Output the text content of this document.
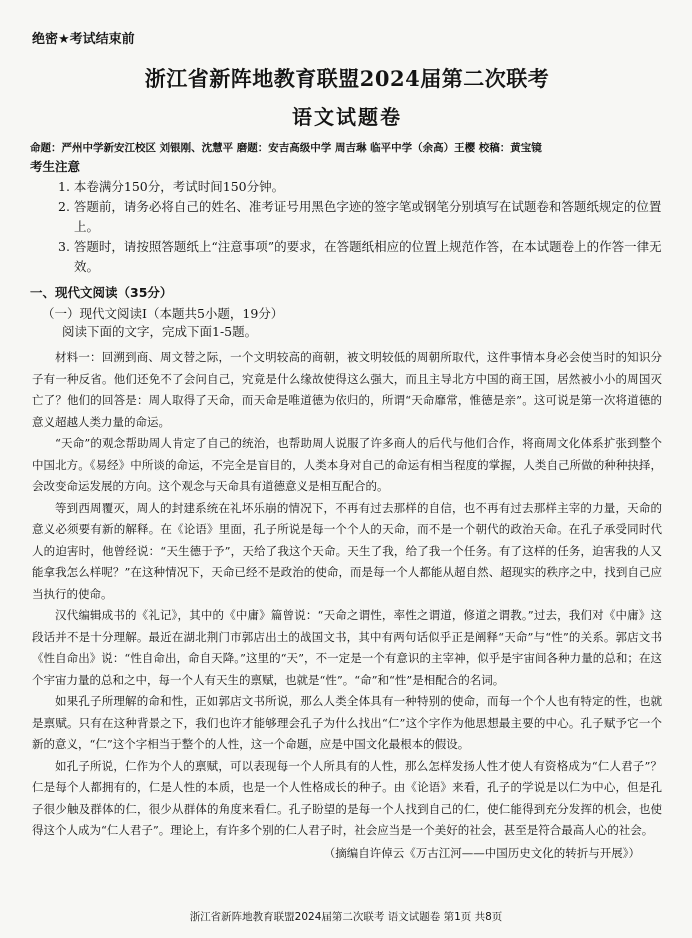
绝密★考试结束前
浙江省新阵地教育联盟2024届第二次联考
语文试题卷
命题：严州中学新安江校区 刘银刚、沈慧平 磨题：安吉高级中学 周吉琳 临平中学（余高）王樱 校稿：黄宝镜
考生注意
1. 本卷满分150分，考试时间150分钟。
2. 答题前，请务必将自己的姓名、准考证号用黑色字迹的签字笔或钢笔分别填写在试题卷和答题纸规定的位置上。
3. 答题时，请按照答题纸上“注意事项”的要求，在答题纸相应的位置上规范作答，在本试题卷上的作答一律无效。
一、现代文阅读（35分）
（一）现代文阅读Ⅰ（本题共5小题，19分）
阅读下面的文字，完成下面1-5题。

材料一：回溯到商、周文替之际，一个文明较高的商朝，被文明较低的周朝所取代，这件事情本身必会使当时的知识分子有一种反省。他们还免不了会问自己，究竟是什么缘故使得这么强大，而且主导北方中国的商王国，居然被小小的周国灭亡了？他们的回答是：周人取得了天命，而天命是唯道德为依归的，所谓“天命靡常，惟德是亲”。这可说是第一次将道德的意义超越人类力量的命运。

“天命”的观念帮助周人肯定了自己的统治，也帮助周人说服了许多商人的后代与他们合作，将商周文化体系扩张到整个中国北方。《易经》中所谈的命运，不完全是盲目的，人类本身对自己的命运有相当程度的掌握，人类自己所做的种种抉择，会改变命运发展的方向。这个观念与天命具有道德意义是相互配合的。

等到西周覆灭，周人的封建系统在礼坏乐崩的情况下，不再有过去那样的自信，也不再有过去那样主宰的力量，天命的意义必须要有新的解释。在《论语》里面，孔子所说是每一个个人的天命，而不是一个朝代的政治天命。在孔子承受同时代人的迫害时，他曾经说：“天生德于予”，天给了我这个天命。天生了我，给了我一个任务。有了这样的任务，迫害我的人又能拿我怎么样呢？”在这种情况下，天命已经不是政治的使命，而是每一个人都能从超自然、超现实的秩序之中，找到自己应当执行的使命。

汉代编辑成书的《礼记》，其中的《中庸》篇曾说：“天命之谓性，率性之谓道，修道之谓教。”过去，我们对《中庸》这段话并不是十分理解。最近在湖北荆门市郭店出土的战国文书，其中有两句话似乎正是阐释“天命”与“性”的关系。郭店文书《性自命出》说：“性自命出，命自天降。”这里的“天”，不一定是一个有意识的主宰神，似乎是宇宙间各种力量的总和；在这个宇宙力量的总和之中，每一个人有天生的禀赋，也就是“性”。“命”和“性”是相配合的名词。

如果孔子所理解的命和性，正如郭店文书所说，那么人类全体具有一种特别的使命，而每一个个人也有特定的性，也就是禀赋。只有在这种背景之下，我们也许才能够理会孔子为什么找出“仁”这个字作为他思想最主要的中心。孔子赋予它一个新的意义，“仁”这个字相当于整个的人性，这一个命题，应是中国文化最根本的假设。

如孔子所说，仁作为个人的禀赋，可以表现每一个人所具有的人性，那么怎样发扬人性才使人有资格成为“仁人君子”？仁是每个人都拥有的，仁是人性的本质，也是一个人性格成长的种子。由《论语》来看，孔子的学说是以仁为中心，但是孔子很少触及群体的仁，很少从群体的角度来看仁。孔子盼望的是每一个人找到自己的仁，使仁能得到充分发挥的机会，也使得这个人成为“仁人君子”。理论上，有许多个别的仁人君子时，社会应当是一个美好的社会，甚至是符合最高人心的社会。

（摘编自许倬云《万古江河——中国历史文化的转折与开展》）

浙江省新阵地教育联盟2024届第二次联考 语文试题卷 第1页 共8页
